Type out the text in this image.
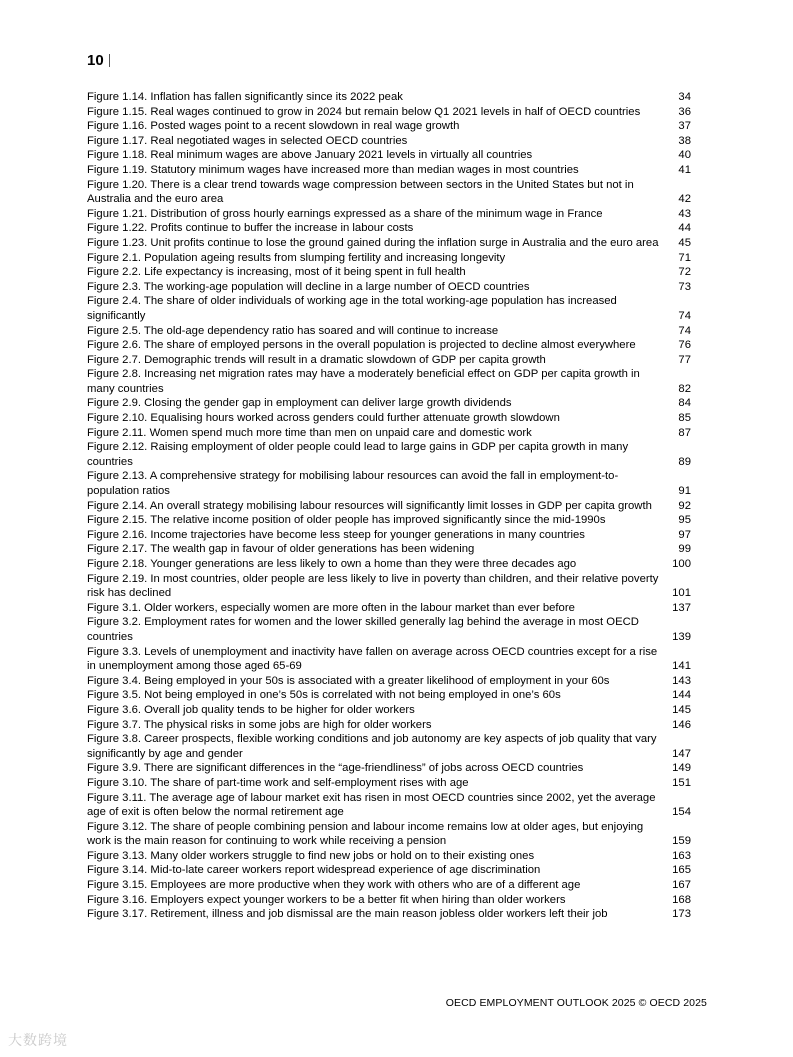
10
Figure 1.14. Inflation has fallen significantly since its 2022 peak	34
Figure 1.15. Real wages continued to grow in 2024 but remain below Q1 2021 levels in half of OECD countries	36
Figure 1.16. Posted wages point to a recent slowdown in real wage growth	37
Figure 1.17. Real negotiated wages in selected OECD countries	38
Figure 1.18. Real minimum wages are above January 2021 levels in virtually all countries	40
Figure 1.19. Statutory minimum wages have increased more than median wages in most countries	41
Figure 1.20. There is a clear trend towards wage compression between sectors in the United States but not in Australia and the euro area	42
Figure 1.21. Distribution of gross hourly earnings expressed as a share of the minimum wage in France	43
Figure 1.22. Profits continue to buffer the increase in labour costs	44
Figure 1.23. Unit profits continue to lose the ground gained during the inflation surge in Australia and the euro area	45
Figure 2.1. Population ageing results from slumping fertility and increasing longevity	71
Figure 2.2. Life expectancy is increasing, most of it being spent in full health	72
Figure 2.3. The working-age population will decline in a large number of OECD countries	73
Figure 2.4. The share of older individuals of working age in the total working-age population has increased significantly	74
Figure 2.5. The old-age dependency ratio has soared and will continue to increase	74
Figure 2.6. The share of employed persons in the overall population is projected to decline almost everywhere	76
Figure 2.7. Demographic trends will result in a dramatic slowdown of GDP per capita growth	77
Figure 2.8. Increasing net migration rates may have a moderately beneficial effect on GDP per capita growth in many countries	82
Figure 2.9. Closing the gender gap in employment can deliver large growth dividends	84
Figure 2.10. Equalising hours worked across genders could further attenuate growth slowdown	85
Figure 2.11. Women spend much more time than men on unpaid care and domestic work	87
Figure 2.12. Raising employment of older people could lead to large gains in GDP per capita growth in many countries	89
Figure 2.13. A comprehensive strategy for mobilising labour resources can avoid the fall in employment-to-population ratios	91
Figure 2.14. An overall strategy mobilising labour resources will significantly limit losses in GDP per capita growth	92
Figure 2.15. The relative income position of older people has improved significantly since the mid-1990s	95
Figure 2.16. Income trajectories have become less steep for younger generations in many countries	97
Figure 2.17. The wealth gap in favour of older generations has been widening	99
Figure 2.18. Younger generations are less likely to own a home than they were three decades ago	100
Figure 2.19. In most countries, older people are less likely to live in poverty than children, and their relative poverty risk has declined	101
Figure 3.1. Older workers, especially women are more often in the labour market than ever before	137
Figure 3.2. Employment rates for women and the lower skilled generally lag behind the average in most OECD countries	139
Figure 3.3. Levels of unemployment and inactivity have fallen on average across OECD countries except for a rise in unemployment among those aged 65-69	141
Figure 3.4. Being employed in your 50s is associated with a greater likelihood of employment in your 60s	143
Figure 3.5. Not being employed in one’s 50s is correlated with not being employed in one’s 60s	144
Figure 3.6. Overall job quality tends to be higher for older workers	145
Figure 3.7. The physical risks in some jobs are high for older workers	146
Figure 3.8. Career prospects, flexible working conditions and job autonomy are key aspects of job quality that vary significantly by age and gender	147
Figure 3.9. There are significant differences in the “age-friendliness” of jobs across OECD countries	149
Figure 3.10. The share of part-time work and self-employment rises with age	151
Figure 3.11. The average age of labour market exit has risen in most OECD countries since 2002, yet the average age of exit is often below the normal retirement age	154
Figure 3.12. The share of people combining pension and labour income remains low at older ages, but enjoying work is the main reason for continuing to work while receiving a pension	159
Figure 3.13. Many older workers struggle to find new jobs or hold on to their existing ones	163
Figure 3.14. Mid-to-late career workers report widespread experience of age discrimination	165
Figure 3.15. Employees are more productive when they work with others who are of a different age	167
Figure 3.16. Employers expect younger workers to be a better fit when hiring than older workers	168
Figure 3.17. Retirement, illness and job dismissal are the main reason jobless older workers left their job	173
OECD EMPLOYMENT OUTLOOK 2025 © OECD 2025
大数跨境
